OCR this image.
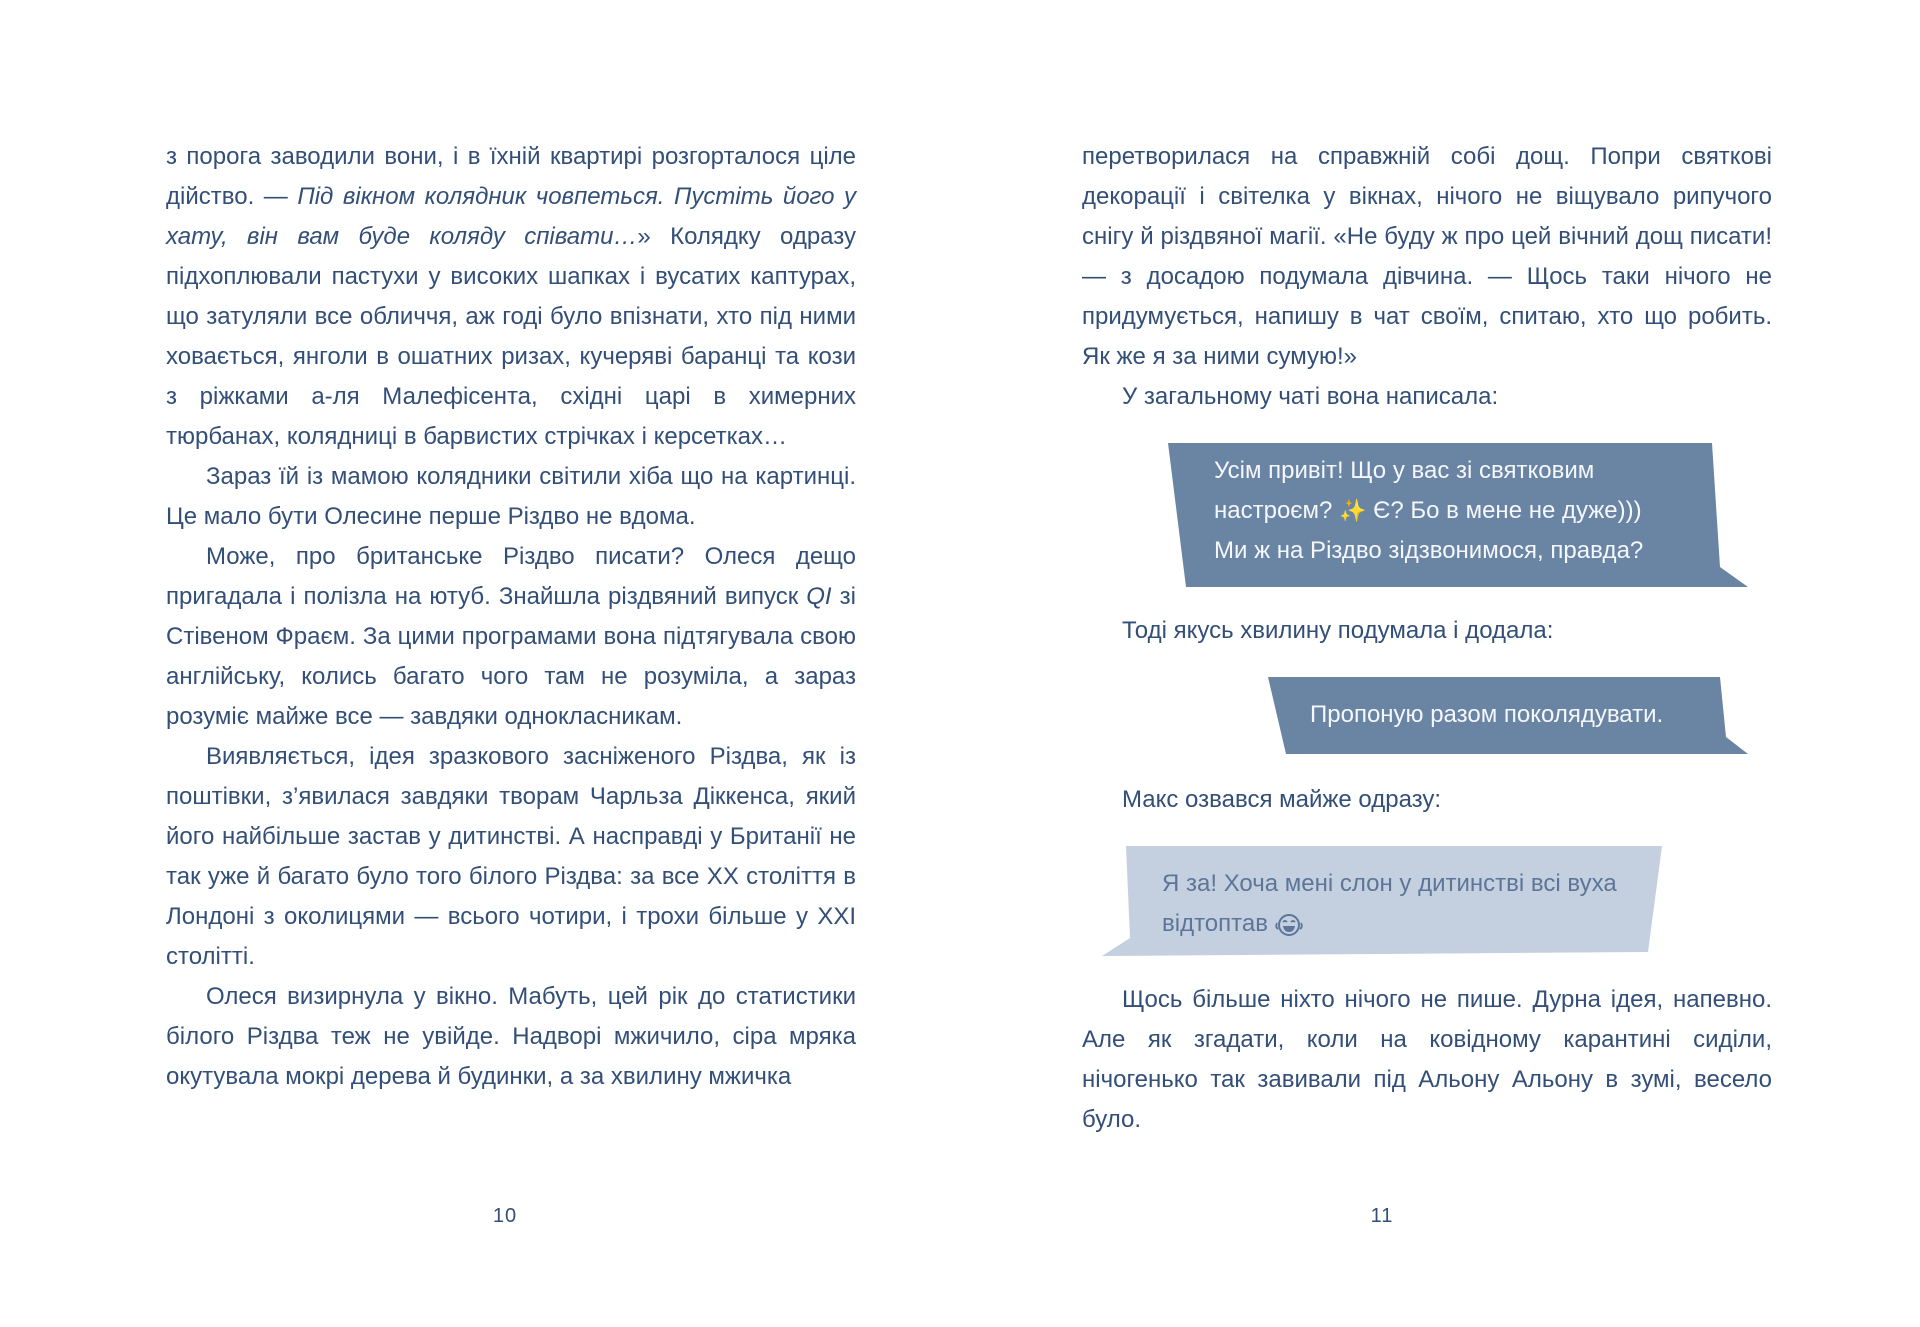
з порога заводили вони, і в їхній квартирі розгорталося ціле дійство. — Під вікном колядник човпеться. Пустіть його у хату, він вам буде коляду співати…» Колядку одразу підхоплювали пастухи у високих шапках і вусатих каптурах, що затуляли все обличчя, аж годі було впізнати, хто під ними ховається, янголи в ошатних ризах, кучеряві баранці та кози з ріжками а-ля Малефісента, східні царі в химерних тюрбанах, колядниці в барвистих стрічках і керсетках…

Зараз їй із мамою колядники світили хіба що на картинці. Це мало бути Олесине перше Різдво не вдома.

Може, про британське Різдво писати? Олеся дещо пригадала і полізла на ютуб. Знайшла різдвяний випуск QI зі Стівеном Фраєм. За цими програмами вона підтягувала свою англійську, колись багато чого там не розуміла, а зараз розуміє майже все — завдяки однокласникам.

Виявляється, ідея зразкового засніженого Різдва, як із поштівки, з’явилася завдяки творам Чарльза Діккенса, який його найбільше застав у дитинстві. А насправді у Британії не так уже й багато було того білого Різдва: за все XX століття в Лондоні з околицями — всього чотири, і трохи більше у XXI столітті.

Олеся визирнула у вікно. Мабуть, цей рік до статистики білого Різдва теж не увійде. Надворі мжичило, сіра мряка окутувала мокрі дерева й будинки, а за хвилину мжичка

10

перетворилася на справжній собі дощ. Попри святкові декорації і світелка у вікнах, нічого не віщувало рипучого снігу й різдвяної магії. «Не буду ж про цей вічний дощ писати! — з досадою подумала дівчина. — Щось таки нічого не придумується, напишу в чат своїм, спитаю, хто що робить. Як же я за ними сумую!»

У загальному чаті вона написала:

Усім привіт! Що у вас зі святковим
настроєм? ✨ Є? Бо в мене не дуже)))
Ми ж на Різдво зідзвонимося, правда?

Тоді якусь хвилину подумала і додала:

Пропоную разом поколядувати.

Макс озвався майже одразу:

Я за! Хоча мені слон у дитинстві всі вуха
відтоптав

Щось більше ніхто нічого не пише. Дурна ідея, напевно. Але як згадати, коли на ковідному карантині сиділи, нічогенько так завивали під Альону Альону в зумі, весело було.

11
